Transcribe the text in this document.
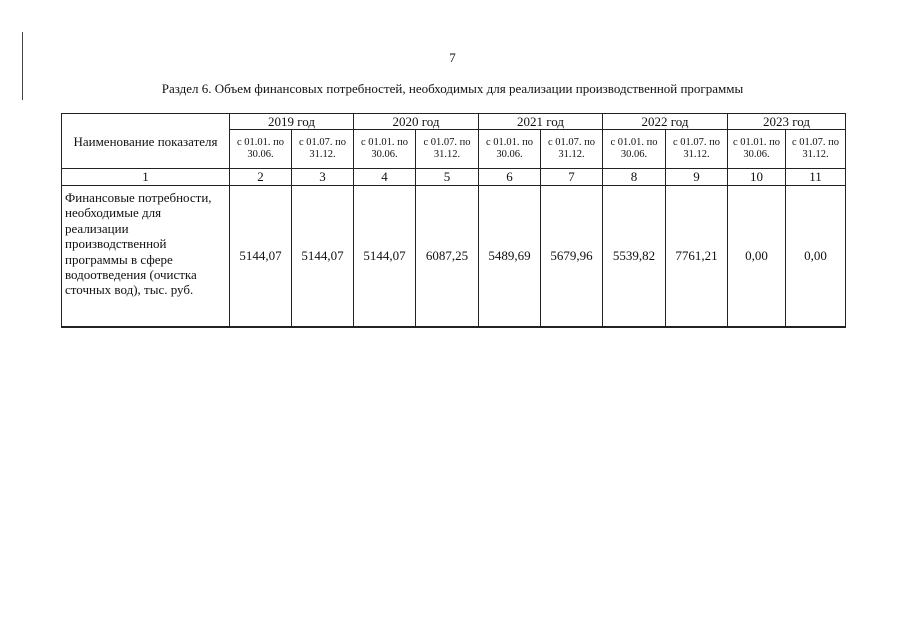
7
Раздел 6. Объем финансовых потребностей, необходимых для реализации производственной программы
Наименование показателя	2019 год		2020 год		2021 год		2022 год		2023 год	
	с 01.01. по 30.06.	с 01.07. по 31.12.	с 01.01. по 30.06.	с 01.07. по 31.12.	с 01.01. по 30.06.	с 01.07. по 31.12.	с 01.01. по 30.06.	с 01.07. по 31.12.	с 01.01. по 30.06.	с 01.07. по 31.12.
1	2	3	4	5	6	7	8	9	10	11
Финансовые потребности, необходимые для реализации производственной программы в сфере водоотведения (очистка сточных вод), тыс. руб.	5144,07	5144,07	5144,07	6087,25	5489,69	5679,96	5539,82	7761,21	0,00	0,00
